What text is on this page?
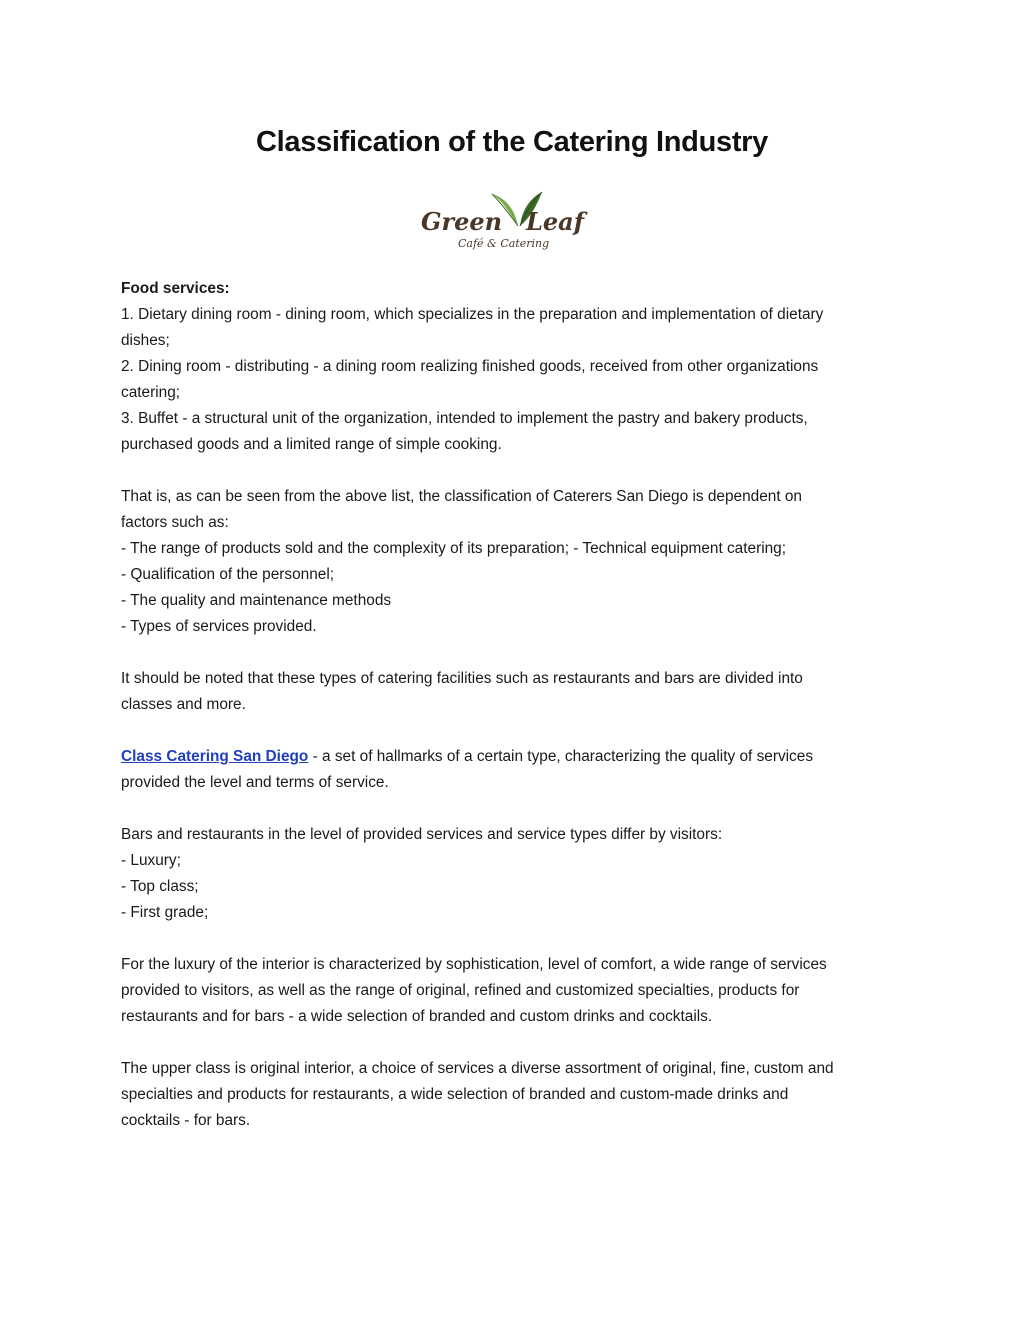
Classification of the Catering Industry
Green Leaf
Café & Catering

Food services:
1. Dietary dining room - dining room, which specializes in the preparation and implementation of dietary
dishes;
2. Dining room - distributing - a dining room realizing finished goods, received from other organizations
catering;
3. Buffet - a structural unit of the organization, intended to implement the pastry and bakery products,
purchased goods and a limited range of simple cooking.

That is, as can be seen from the above list, the classification of Caterers San Diego is dependent on
factors such as:
- The range of products sold and the complexity of its preparation; - Technical equipment catering;
- Qualification of the personnel;
- The quality and maintenance methods
- Types of services provided.

It should be noted that these types of catering facilities such as restaurants and bars are divided into
classes and more.

Class Catering San Diego - a set of hallmarks of a certain type, characterizing the quality of services
provided the level and terms of service.

Bars and restaurants in the level of provided services and service types differ by visitors:
- Luxury;
- Top class;
- First grade;

For the luxury of the interior is characterized by sophistication, level of comfort, a wide range of services
provided to visitors, as well as the range of original, refined and customized specialties, products for
restaurants and for bars - a wide selection of branded and custom drinks and cocktails.

The upper class is original interior, a choice of services a diverse assortment of original, fine, custom and
specialties and products for restaurants, a wide selection of branded and custom-made drinks and
cocktails - for bars.
